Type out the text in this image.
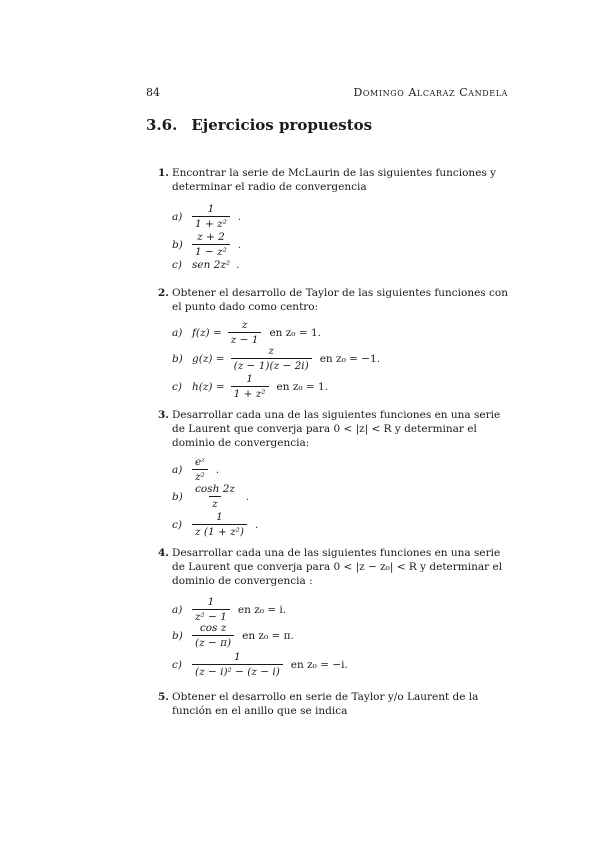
84	Domingo Alcaraz Candela
3.6. Ejercicios propuestos
1. Encontrar la serie de McLaurin de las siguientes funciones y determinar el radio de convergencia
$a) \frac{1}{\text{1 + z²}}$ .
$b) \frac{z + 2}{\text{1 − z²}}$ .
c) sen 2z² .
2. Obtener el desarrollo de Taylor de las siguientes funciones con el punto dado como centro:
a) $f(z) = \frac{z}{z - 1}$ en z₀ = 1.
b) $g(z) = \frac{z}{(z - 1)(z - 2i)}$ en z₀ = −1.
c) $h(z) = \frac{1}{\text{1 + z²}}$ en z₀ = 1.
3. Desarrollar cada una de las siguientes funciones en una serie de Laurent que converja para 0 < |z| < R y determinar el dominio de convergencia:
$a) \frac{\text{eᶻ}}{\text{z²}}$ .
$b) \frac{\cosh 2z}{z}$ .
$c) \frac{1}{\text{z (1 + z²)}}$ .
4. Desarrollar cada una de las siguientes funciones en una serie de Laurent que converja para 0 < |z − z₀| < R y determinar el dominio de convergencia :
$a) \frac{1}{\text{z² − 1}}$ en z₀ = i.
$b) \frac{\text{cos z}}{(z - \pi)}$ en z₀ = π.
$c) \frac{1}{\text{(z − i)² − (z − i)}}$ en z₀ = −i.
5. Obtener el desarrollo en serie de Taylor y/o Laurent de la función en el anillo que se indica
